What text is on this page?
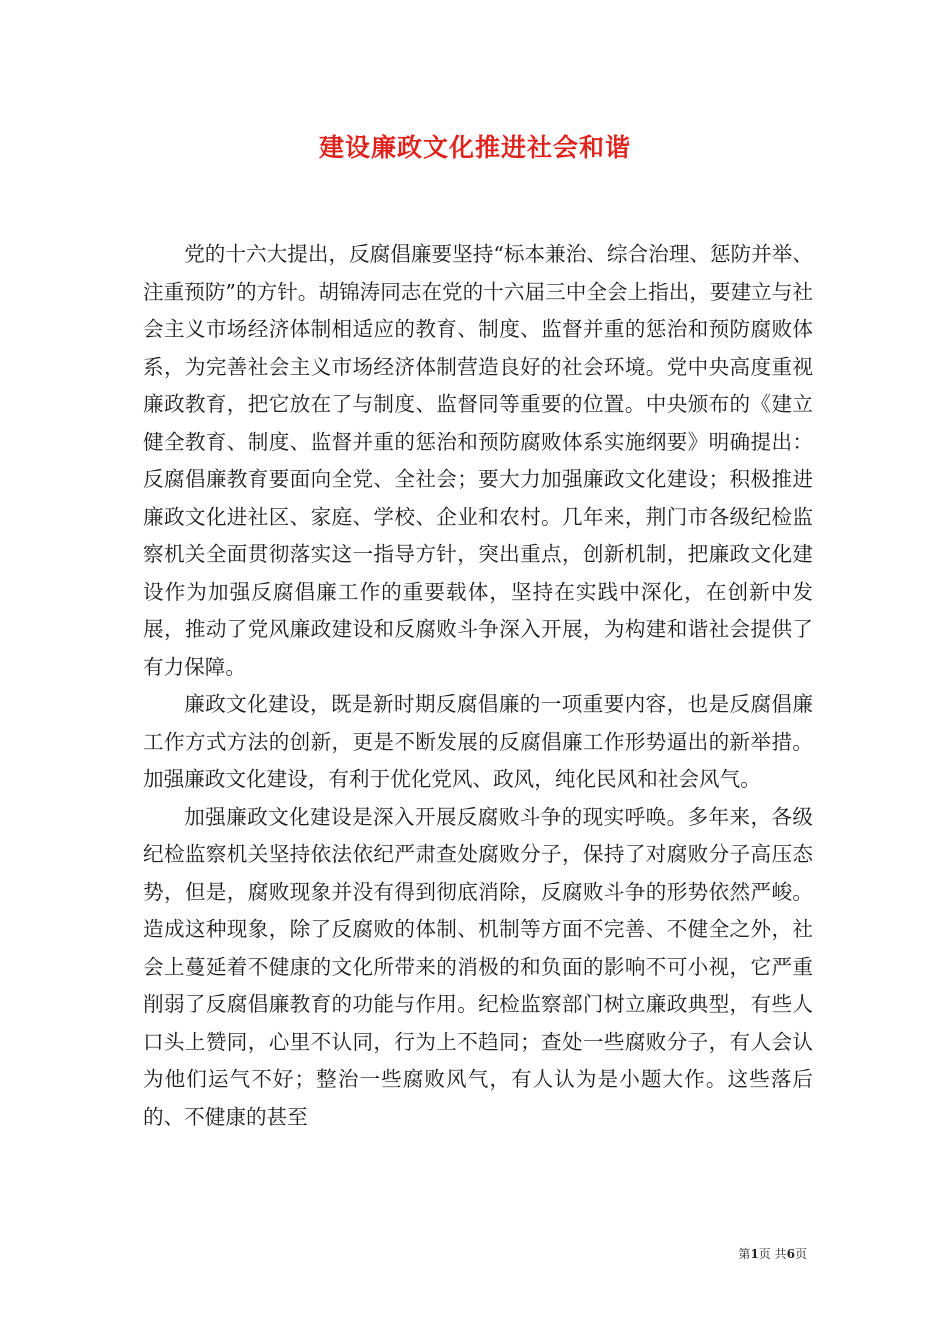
建设廉政文化推进社会和谐

党的十六大提出，反腐倡廉要坚持“标本兼治、综合治理、惩防并举、注重预防”的方针。胡锦涛同志在党的十六届三中全会上指出，要建立与社会主义市场经济体制相适应的教育、制度、监督并重的惩治和预防腐败体系，为完善社会主义市场经济体制营造良好的社会环境。党中央高度重视廉政教育，把它放在了与制度、监督同等重要的位置。中央颁布的《建立健全教育、制度、监督并重的惩治和预防腐败体系实施纲要》明确提出：反腐倡廉教育要面向全党、全社会；要大力加强廉政文化建设；积极推进廉政文化进社区、家庭、学校、企业和农村。几年来，荆门市各级纪检监察机关全面贯彻落实这一指导方针，突出重点，创新机制，把廉政文化建设作为加强反腐倡廉工作的重要载体，坚持在实践中深化，在创新中发展，推动了党风廉政建设和反腐败斗争深入开展，为构建和谐社会提供了有力保障。

廉政文化建设，既是新时期反腐倡廉的一项重要内容，也是反腐倡廉工作方式方法的创新，更是不断发展的反腐倡廉工作形势逼出的新举措。加强廉政文化建设，有利于优化党风、政风，纯化民风和社会风气。

加强廉政文化建设是深入开展反腐败斗争的现实呼唤。多年来，各级纪检监察机关坚持依法依纪严肃查处腐败分子，保持了对腐败分子高压态势，但是，腐败现象并没有得到彻底消除，反腐败斗争的形势依然严峻。造成这种现象，除了反腐败的体制、机制等方面不完善、不健全之外，社会上蔓延着不健康的文化所带来的消极的和负面的影响不可小视，它严重削弱了反腐倡廉教育的功能与作用。纪检监察部门树立廉政典型，有些人口头上赞同，心里不认同，行为上不趋同；查处一些腐败分子，有人会认为他们运气不好；整治一些腐败风气，有人认为是小题大作。这些落后的、不健康的甚至

第1页 共6页
